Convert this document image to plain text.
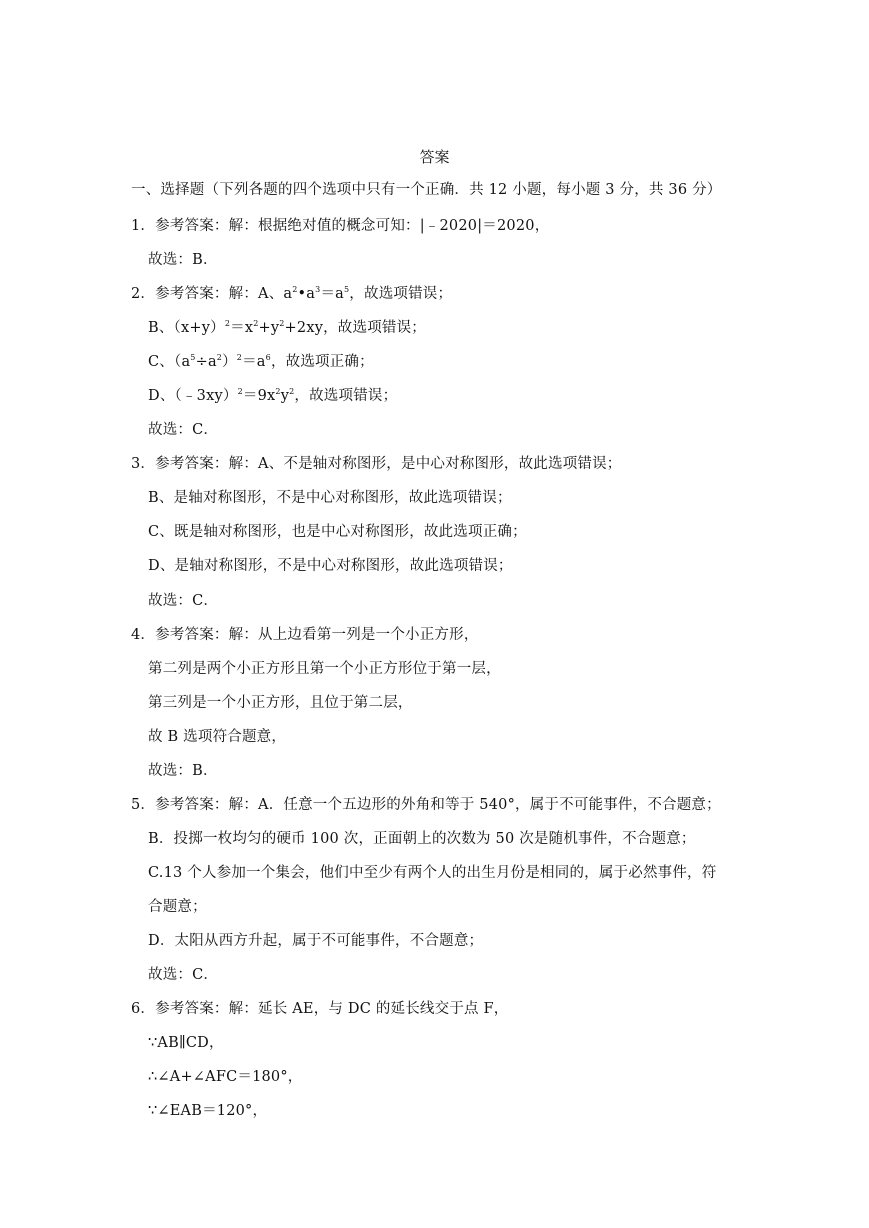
答案
一、选择题（下列各题的四个选项中只有一个正确．共 12 小题，每小题 3 分，共 36 分）
1．参考答案：解：根据绝对值的概念可知：|﹣2020|＝2020，
故选：B．
2．参考答案：解：A、$a^2•a^3=a^5$，故选项错误；
B、$(x+y)^2=x^2+y^2+2xy$，故选项错误；
C、$(a^5\div a^2)^2=a^6$，故选项正确；
D、$(﹣3xy)^2=9x^2y^2$，故选项错误；
故选：C．
3．参考答案：解：A、不是轴对称图形，是中心对称图形，故此选项错误；
B、是轴对称图形，不是中心对称图形，故此选项错误；
C、既是轴对称图形，也是中心对称图形，故此选项正确；
D、是轴对称图形，不是中心对称图形，故此选项错误；
故选：C．
4．参考答案：解：从上边看第一列是一个小正方形，
第二列是两个小正方形且第一个小正方形位于第一层，
第三列是一个小正方形，且位于第二层，
故 B 选项符合题意，
故选：B．
5．参考答案：解：A．任意一个五边形的外角和等于 540°，属于不可能事件，不合题意；
B．投掷一枚均匀的硬币 100 次，正面朝上的次数为 50 次是随机事件，不合题意；
C.13 个人参加一个集会，他们中至少有两个人的出生月份是相同的，属于必然事件，符
合题意；
D．太阳从西方升起，属于不可能事件，不合题意；
故选：C．
6．参考答案：解：延长 AE，与 DC 的延长线交于点 F，
∵AB∥CD，
∴∠A+∠AFC＝180°，
∵∠EAB＝120°，
